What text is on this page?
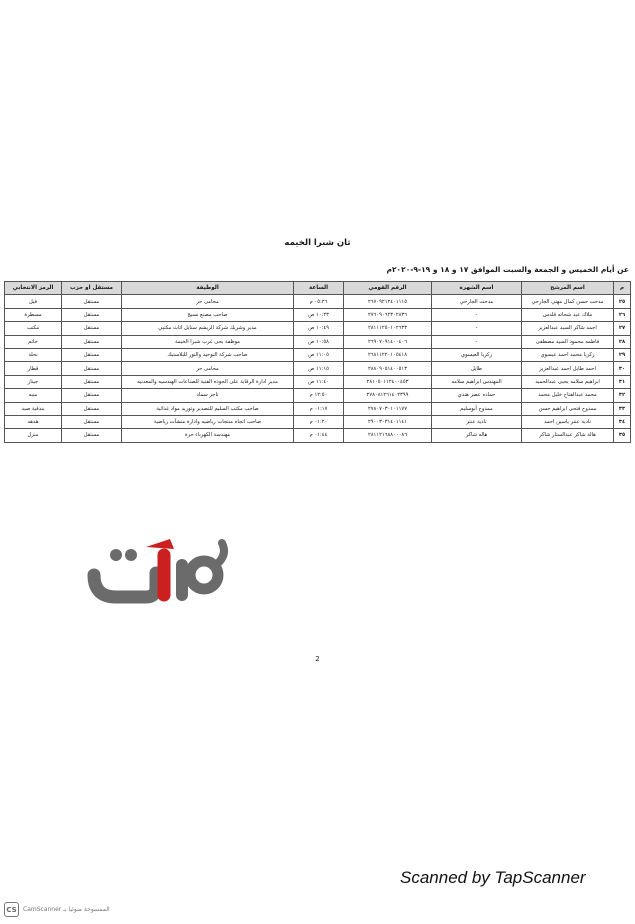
ثان شبرا الخيمه
عن أيام الخميس و الجمعة والسبت الموافق ١٧ و ١٨ و ١٩-٩-٢٠٢٠م
م	اسم المرشح	اسم الشهرة	الرقم القومي	الساعة	الوظيفة	مستقل او حزب	الرمز الانتخابي
٢٥	مدحت حسن كمال مهني الجارحي	مدحت الجارحي	٢٦٧٠٩٢١٢٤٠١١١٥	٠٥:٢٦ م	محامى حر	مستقل	فيل
٢٦	ملاك عيد شحاته قلدس	-	٢٧٦٠٩٠٦٢٣٠٢٨٣٦	١٠:٢٣ ص	صاحب مصنع نسيج	مستقل	مسطرة
٢٧	احمد شاكر السيد عبدالعزيز	-	٢٨١١١٢٥٠١٠٢٦٣٣	١٠:٤٩ ص	مدير وشريك شركة الريشم ستايل اثاث مكتبي	مستقل	مكتب
٢٨	فاطمه محمود السيد مصطفى	-	٢٦٩٠٧٠٩١٤٠٠٤٠٦	١٠:٥٨ ص	موظفة بحى غرب شبرا الخيمة	مستقل	خاتم
٢٩	زكريا محمد احمد عيسوي	زكريا العيسوي	٢٦٨١١٢٢٠١٠٥٤١٨	١١:٠٥ ص	صاحب شركة التوحيد والنور للبلاستيك	مستقل	نحلة
٣٠	احمد طايل احمد عبدالعزيز	طايل	٢٨٨٠٩٠٥١٤٠٠٥١٣	١١:١٥ ص	محامى حر	مستقل	قطار
٣١	ابراهيم سلامه يحيى عبدالحميد	المهندس ابراهيم سلامه	٢٨١٠٥٠١١٢٤٠٠٤٥٣	١١:٤٠ ص	مدير ادارة الرقابة على الجوده الفنية للصناعات الهندسيه والمعدنيه	مستقل	جيتار
٣٢	محمد عبدالفتاح خليل محمد	حماده عصر هندي	٢٧٨٠٨١٢٦١٤٠٢٣٩٩	١٢:٥٠ م	تاجر سماد	مستقل	منبه
٣٣	ممدوح فتحى ابراهيم حسن	ممدوح أبوسليم	٢٧٨٠٧٠٣٠١٠١١٧٧	٠١:١٧ م	صاحب مكتب السليم للتصدير وتوريد مواد غذائية	مستقل	بندقية صيد
٣٤	نادية عنتر ياسين احمد	نادية عنتر	٢٩٠٠٣٠٣١٤٠١١٤١	٠١:٢٠ م	صاحب اتجاه منتجات رياضيه وادارة منشآت رياضية	مستقل	هدهد
٣٥	هالة شاكر عبدالستار شاكر	هاله شاكر	٢٨١١٢١٦٨٨٠٠٠٨٦	٠١:٤٤ م	مهندسة الكهرباء حرة	مستقل	منزل
2
Scanned by TapScanner
CS	CamScanner الممسوحة ضوئيا بـ
